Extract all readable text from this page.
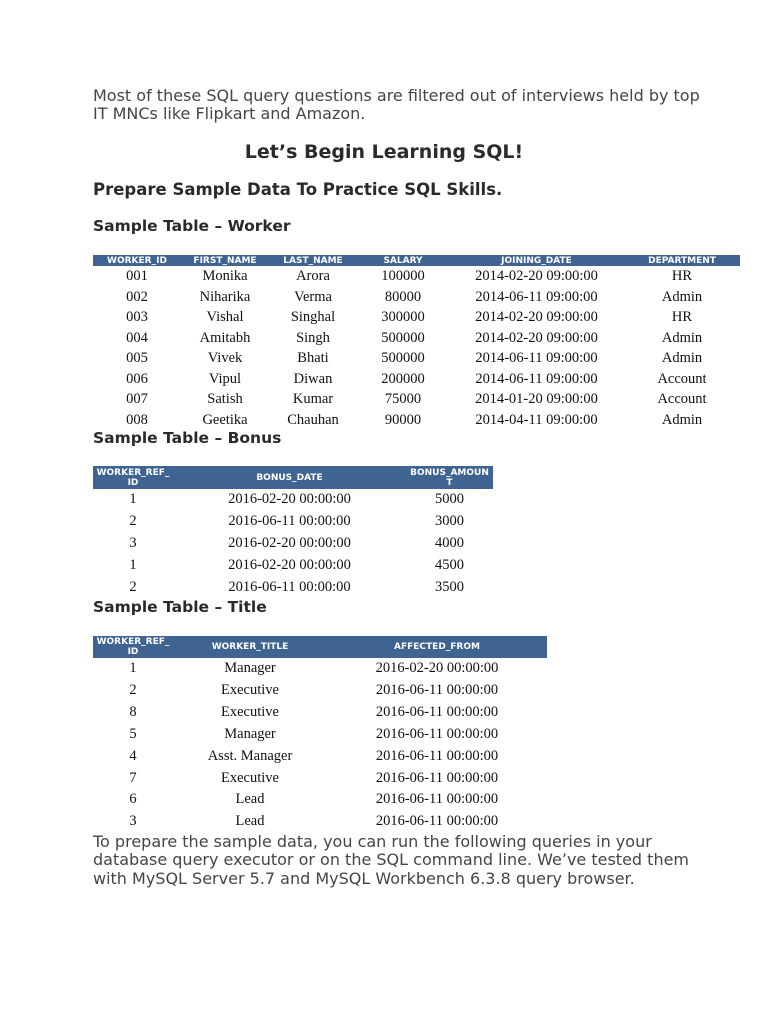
Most of these SQL query questions are filtered out of interviews held by top IT MNCs like Flipkart and Amazon.

Let’s Begin Learning SQL!
Prepare Sample Data To Practice SQL Skills.
Sample Table – Worker
WORKER_ID	FIRST_NAME	LAST_NAME	SALARY	JOINING_DATE	DEPARTMENT
001	Monika	Arora	100000	2014-02-20 09:00:00	HR
002	Niharika	Verma	80000	2014-06-11 09:00:00	Admin
003	Vishal	Singhal	300000	2014-02-20 09:00:00	HR
004	Amitabh	Singh	500000	2014-02-20 09:00:00	Admin
005	Vivek	Bhati	500000	2014-06-11 09:00:00	Admin
006	Vipul	Diwan	200000	2014-06-11 09:00:00	Account
007	Satish	Kumar	75000	2014-01-20 09:00:00	Account
008	Geetika	Chauhan	90000	2014-04-11 09:00:00	Admin
Sample Table – Bonus
WORKER_REF_ID	BONUS_DATE	BONUS_AMOUNT
1	2016-02-20 00:00:00	5000
2	2016-06-11 00:00:00	3000
3	2016-02-20 00:00:00	4000
1	2016-02-20 00:00:00	4500
2	2016-06-11 00:00:00	3500
Sample Table – Title
WORKER_REF_ID	WORKER_TITLE	AFFECTED_FROM
1	Manager	2016-02-20 00:00:00
2	Executive	2016-06-11 00:00:00
8	Executive	2016-06-11 00:00:00
5	Manager	2016-06-11 00:00:00
4	Asst. Manager	2016-06-11 00:00:00
7	Executive	2016-06-11 00:00:00
6	Lead	2016-06-11 00:00:00
3	Lead	2016-06-11 00:00:00

To prepare the sample data, you can run the following queries in your database query executor or on the SQL command line. We’ve tested them with MySQL Server 5.7 and MySQL Workbench 6.3.8 query browser.
